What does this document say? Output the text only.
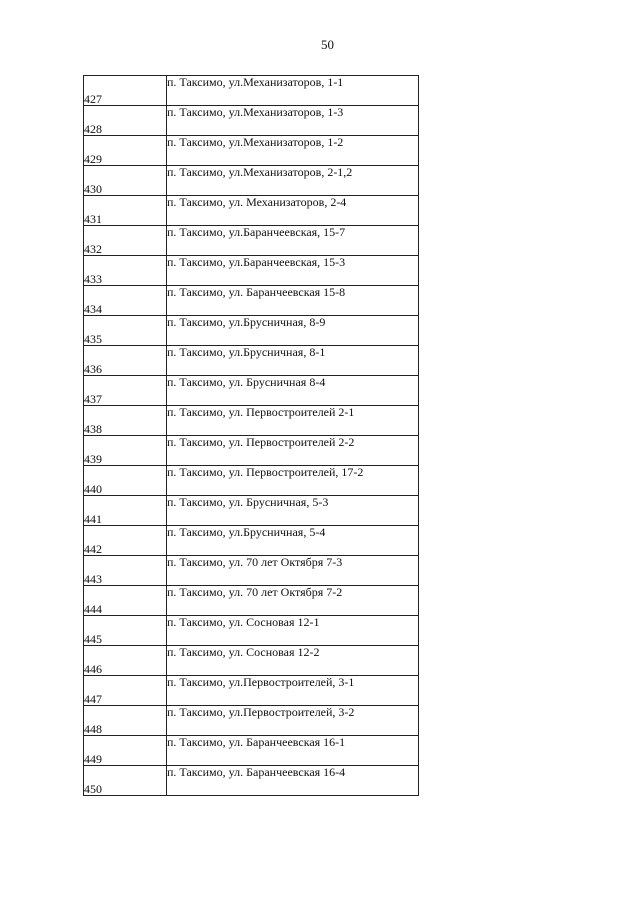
50
427	п. Таксимо, ул.Механизаторов, 1-1
428	п. Таксимо, ул.Механизаторов, 1-3
429	п. Таксимо, ул.Механизаторов, 1-2
430	п. Таксимо, ул.Механизаторов, 2-1,2
431	п. Таксимо, ул. Механизаторов, 2-4
432	п. Таксимо, ул.Баранчеевская, 15-7
433	п. Таксимо, ул.Баранчеевская, 15-3
434	п. Таксимо, ул. Баранчеевская 15-8
435	п. Таксимо, ул.Брусничная, 8-9
436	п. Таксимо, ул.Брусничная, 8-1
437	п. Таксимо, ул. Брусничная 8-4
438	п. Таксимо, ул. Первостроителей 2-1
439	п. Таксимо, ул. Первостроителей 2-2
440	п. Таксимо, ул. Первостроителей, 17-2
441	п. Таксимо, ул. Брусничная, 5-3
442	п. Таксимо, ул.Брусничная, 5-4
443	п. Таксимо, ул. 70 лет Октября 7-3
444	п. Таксимо, ул. 70 лет Октября 7-2
445	п. Таксимо, ул. Сосновая 12-1
446	п. Таксимо, ул. Сосновая 12-2
447	п. Таксимо, ул.Первостроителей, 3-1
448	п. Таксимо, ул.Первостроителей, 3-2
449	п. Таксимо, ул. Баранчеевская 16-1
450	п. Таксимо, ул. Баранчеевская 16-4
